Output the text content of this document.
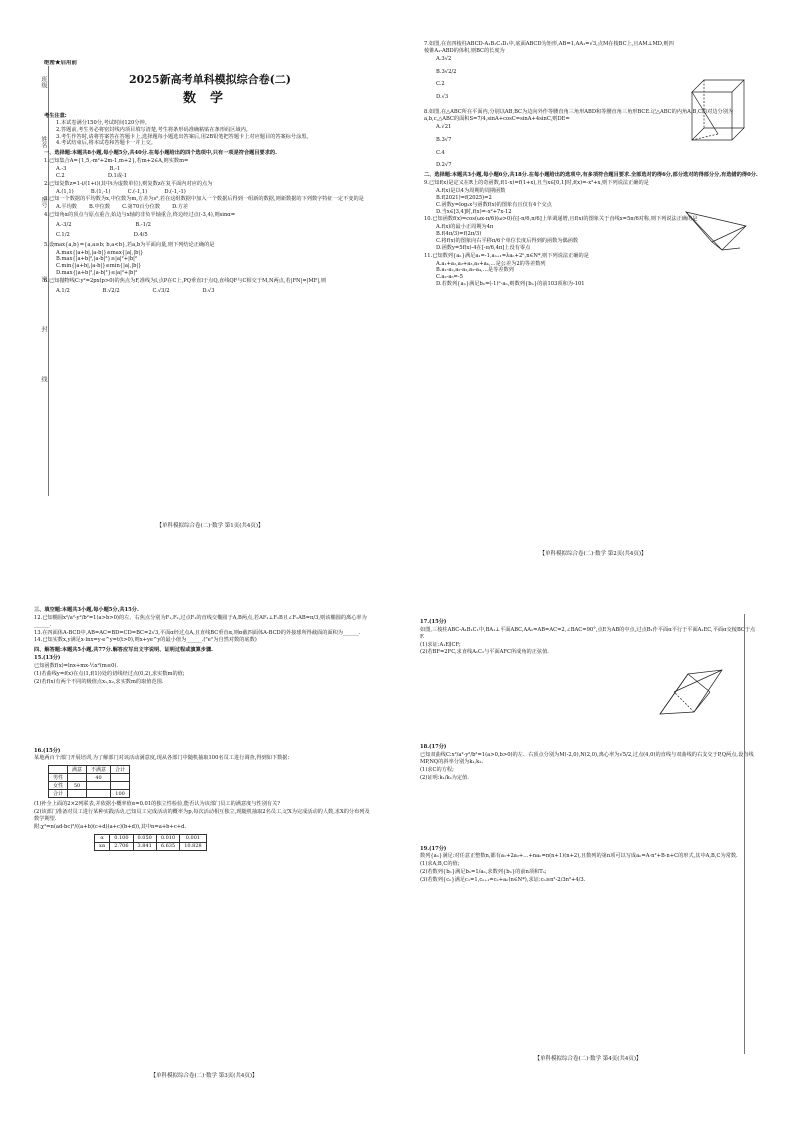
班级
姓名
座号
密
封
线
绝密★启用前
2025新高考单科模拟综合卷(二)
数学
考生注意:
1.本试卷满分150分,考试时间120分钟。
2.答题前,考生务必将密封线内项目填写清楚,考生将条形码准确粘贴在条形码区域内。
3.考生作答时,请将答案答在答题卡上,选择题每小题选出答案后,用2B铅笔把答题卡上对应题目的答案标号涂黑。
4.考试结束后,将本试卷和答题卡一并上交。
一、选择题:本题共8小题,每小题5分,共40分.在每小题给出的四个选项中,只有一项是符合题目要求的.
1.已知集合A={1,5,-m²+2m-1,m+2},若m+2∈A,则实数m=
A.-3        	B.-1
C.2        	D.1或-1
2.已知复数z=1-i/(1+i)(其中i为虚数单位),则复数z在复平面内对应的点为
A.(1,1)   	B.(1,-1)   	C.(-1,1)   	D.(-1,-1)
3.已知一个数据的平均数为x,中位数为m,方差为s²,若在这组数据中加入一个数据后得到一组新的数据,则新数据的下列数字特征一定不变的是
A.平均数   B.中位数   C.第70百分位数   D.方差
4.已知角α的顶点与原点重合,始边与x轴的非负半轴重合,终边经过点(-3,4),则sinα=
A.-3/2            	B.-1/2
C.1/2            	D.4/5
5.设max{a,b}={a,a≥b; b,a<b},若a,b为平面向量,则下列结论正确的是
A.max{|a+b|,|a-b|}≤max{|a|,|b|}
B.max{|a+b|²,|a-b|²}≥|a|²+|b|²
C.min{|a+b|,|a-b|}≤min{|a|,|b|}
D.max{|a+b|²,|a-b|²}≤|a|²+|b|²
6.已知抛物线C:y²=2px(p>0)的焦点为F,准线为l,点P在C上,PQ垂直l于点Q,直线QF与C相交于M,N两点,若|FN|=|MF|,则
A.1/2      	B.√2/2      	C.√3/2      	D.√3
【单科模拟综合卷(二)·数学 第1页(共4页)】
7.如图,在直四棱柱ABCD-A₁B₁C₁D₁中,底面ABCD为矩形,AB=1,AA₁=√3,点M在棱BC上,且AM⊥MD,则四棱锥A₁-ABD的体积,则BC的长度为
A.3√2
B.3√2/2
C.2
D.√3
8.如图,在△ABC所在平面内,分别以AB,BC为边向外作等腰直角三角形ABD和等腰直角三角形BCE.记△ABC的内角A,B,C的对边分别为a,b,c,△ABC的面积S=7/4,sinA+cosC=sinA+4sinC,则DE=
A.√21
B.3√7
C.4
D.2√7
二、选择题:本题共3小题,每小题6分,共18分.在每小题给出的选项中,有多项符合题目要求.全部选对的得6分,部分选对的得部分分,有选错的得0分.
9.已知f(x)是定义在R上的奇函数,f(1-x)=f(1+x),且当x∈[0,1]时,f(x)=-x²+x,则下列说法正确的是
A.f(x)是以4为周期的周期函数
B.f(2021)=f(2025)=2
C.函数y=log₂x与函数f(x)的图象有且仅有4个交点
D.当x∈[3,4]时,f(x)=-x²+7x-12
10.已知函数f(x)=cos(ωx-π/6)(ω>0)在[-π/6,π/6]上单调递增,且f(x)的图象关于直线x=5π/6对称,则下列说法正确的是
A.f(x)的最小正周期为4π
B.f(4π/3)=f(2π/3)
C.将f(x)的图象向右平移π/6个单位长度后得到的函数为偶函数
D.函数y=5f(x)-4在[-π/6,4π]上没有零点
11.已知数列{aₙ}满足a₁=-1,aₙ₊₁=λaₙ+2ⁿ,n∈N*,则下列说法正确的是
A.a₁+a₂,a₂+a₃,a₃+a₄,…是公差为2的等差数列
B.a₁-a₂,a₂-a₃,a₃-a₄,…是等差数列
C.a₂-a₅=-5
D.若数列{aₙ}满足bₙ=(-1)ⁿ·aₙ,则数列{bₙ}的前103项和为-101
【单科模拟综合卷(二)·数学 第2页(共4页)】
三、填空题:本题共3小题,每小题5分,共15分.
12.已知椭圆x²/a²-y²/b²=1(a>b>0)的左、右焦点分别为F₁,F₂,过点F₁的直线交椭圆于A,B两点,若AF₁⊥F₁B且∠F₁AB=π/3,则该椭圆的离心率为______.
13.在四面体A-BCD中,AB=AC=BD=CD=BC=2√3,平面α经过点A,且直线BC垂直α,则α截四面体A-BCD的外接球所得截面的面积为______.
14.已知实数x,y满足x·lnx=y·e^y=t(t>0),则x+ye^y的最小值为______.("e"为自然对数的底数)
四、解答题:本题共5小题,共77分.解答应写出文字说明、证明过程或演算步骤.
15.(13分)
已知函数f(x)=lnx+mx-½x²(m≤0).
(1)若曲线y=f(x)在点(1,f(1))处的切线经过点(0,2),求实数m的值;
(2)若f(x)有两个不同的极值点x₁,x₂,求实数m的取值范围.
16.(15分)
某地两百个部门开展培训,为了解部门对该活动满意度,现从各部门中随机抽取100名员工进行调查,得到如下数据:
	满意	不满意	合计
男性		40	
女性	50		
合计			100
(1)补全上面的2×2列联表,并依据小概率值α=0.01的独立性检验,能否认为该部门员工的满意度与性别有关?
(2)该部门准备对员工进行某种实践活动,已知员工完成活动的概率为p,每次活动相互独立,现随机抽取2名员工,记X为完成活动的人数,求X的分布列及数学期望.
附:χ²=n(ad-bc)²/((a+b)(c+d)(a+c)(b+d)),其中n=a+b+c+d.
α	0.100	0.050	0.010	0.001
xα	2.706	3.841	6.635	10.828
【单科模拟综合卷(二)·数学 第3页(共4页)】
17.(15分)
如图,三棱柱ABC-A₁B₁C₁中,BA₁⊥平面ABC,AA₁=AB=AC=2,∠BAC=90°,点E为AB的中点,过点B₁作平面α平行于平面A₁EC,平面α交棱BC于点F.
(1)求证:A₁E∥CF;
(2)若BF=2FC,求直线A₁C₁与平面AFC所成角的正弦值.
18.(17分)
已知双曲线C:x²/a²-y²/b²=1(a>0,b>0)的左、右顶点分别为M(-2,0),N(2,0),离心率为√5/2,过点(4,0)的直线与双曲线的右支交于P,Q两点,设直线MP,NQ的斜率分别为k₁,k₂.
(1)求C的方程;
(2)证明:k₁/k₂为定值.
19.(17分)
数列{aₙ}满足:对任意正整数n,都有a₁+2a₂+…+naₙ=n(n+1)(n+2),且数列的第n项可以写成aₙ=A·n²+B·n+C的形式,其中A,B,C为常数.
(1)求A,B,C的值;
(2)若数列{bₙ}满足bₙ=1/aₙ,求数列{bₙ}的前n项和Tₙ;
(3)若数列{cₙ}满足c₁=1,cₙ₊₁=cₙ+aₙ(n∈N*),求证:cₙ≥n³-2/3n²+4/3.
【单科模拟综合卷(二)·数学 第4页(共4页)】
